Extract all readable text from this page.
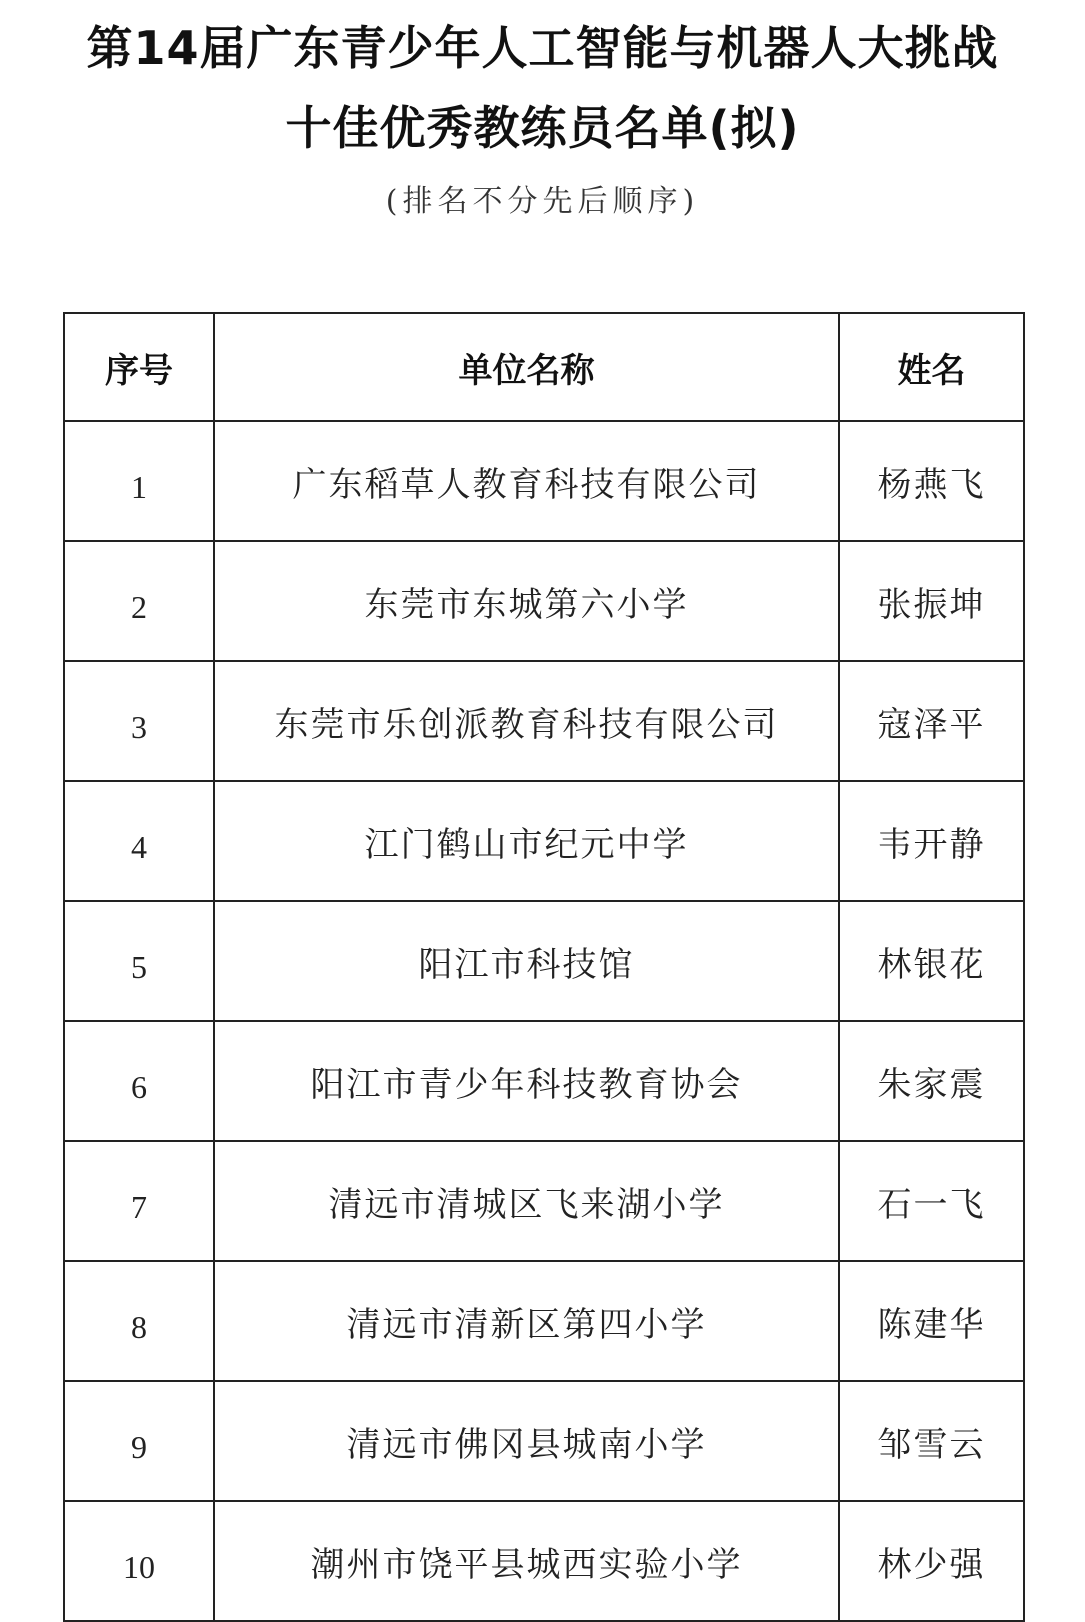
第14届广东青少年人工智能与机器人大挑战
十佳优秀教练员名单(拟)
(排名不分先后顺序)
序号	单位名称	姓名
1	广东稻草人教育科技有限公司	杨燕飞
2	东莞市东城第六小学	张振坤
3	东莞市乐创派教育科技有限公司	寇泽平
4	江门鹤山市纪元中学	韦开静
5	阳江市科技馆	林银花
6	阳江市青少年科技教育协会	朱家震
7	清远市清城区飞来湖小学	石一飞
8	清远市清新区第四小学	陈建华
9	清远市佛冈县城南小学	邹雪云
10	潮州市饶平县城西实验小学	林少强
